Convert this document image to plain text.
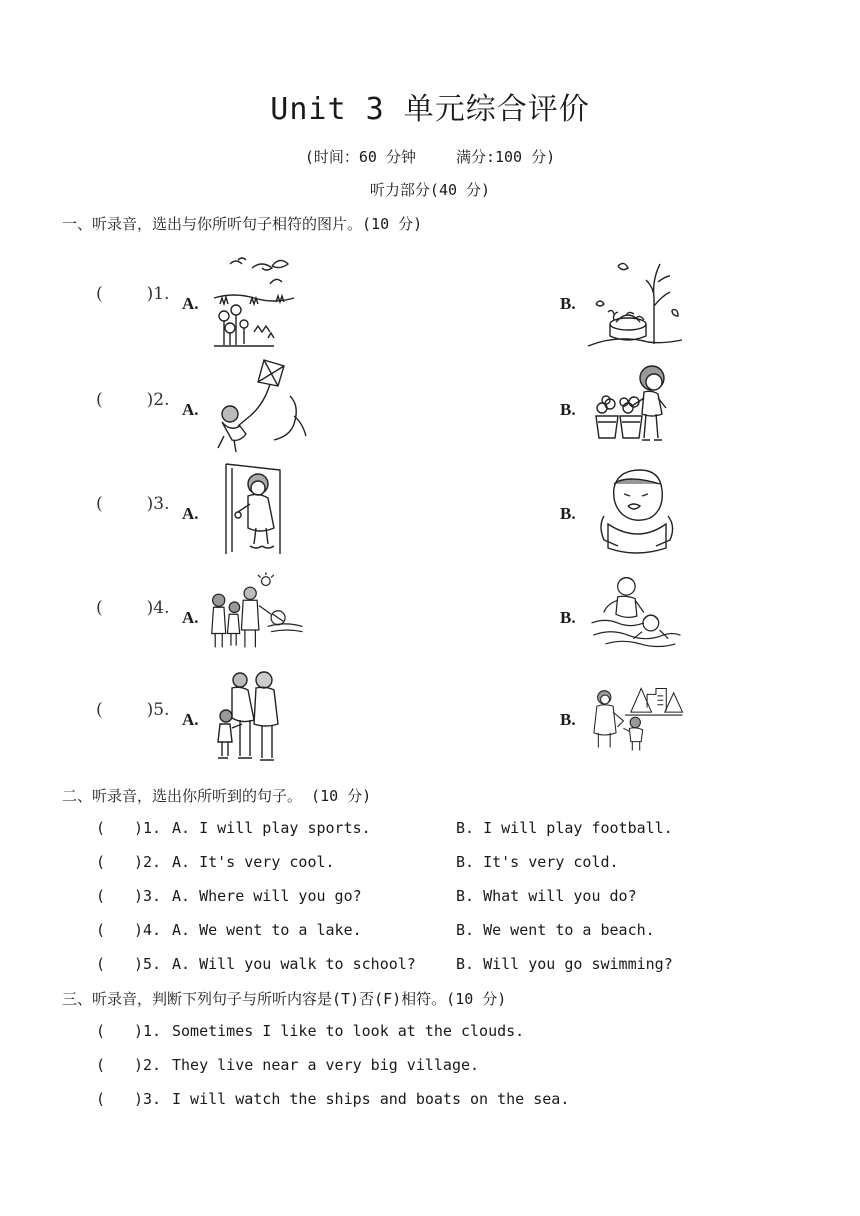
Unit 3 单元综合评价
(时间：60 分钟	满分:100 分)
听力部分(40 分)
一、听录音，选出与你所听句子相符的图片。(10 分)
(	)1. A.	B.
(	)2. A.	B.
(	)3. A.	B.
(	)4. A.	B.
(	)5. A.	B.
二、听录音，选出你所听到的句子。 (10 分)
( )1. A. I will play sports.	B. I will play football.
( )2. A. It's very cool.	B. It's very cold.
( )3. A. Where will you go?	B. What will you do?
( )4. A. We went to a lake.	B. We went to a beach.
( )5. A. Will you walk to school?	B. Will you go swimming?
三、听录音，判断下列句子与所听内容是(T)否(F)相符。(10 分)
( )1. Sometimes I like to look at the clouds.
( )2. They live near a very big village.
( )3. I will watch the ships and boats on the sea.
